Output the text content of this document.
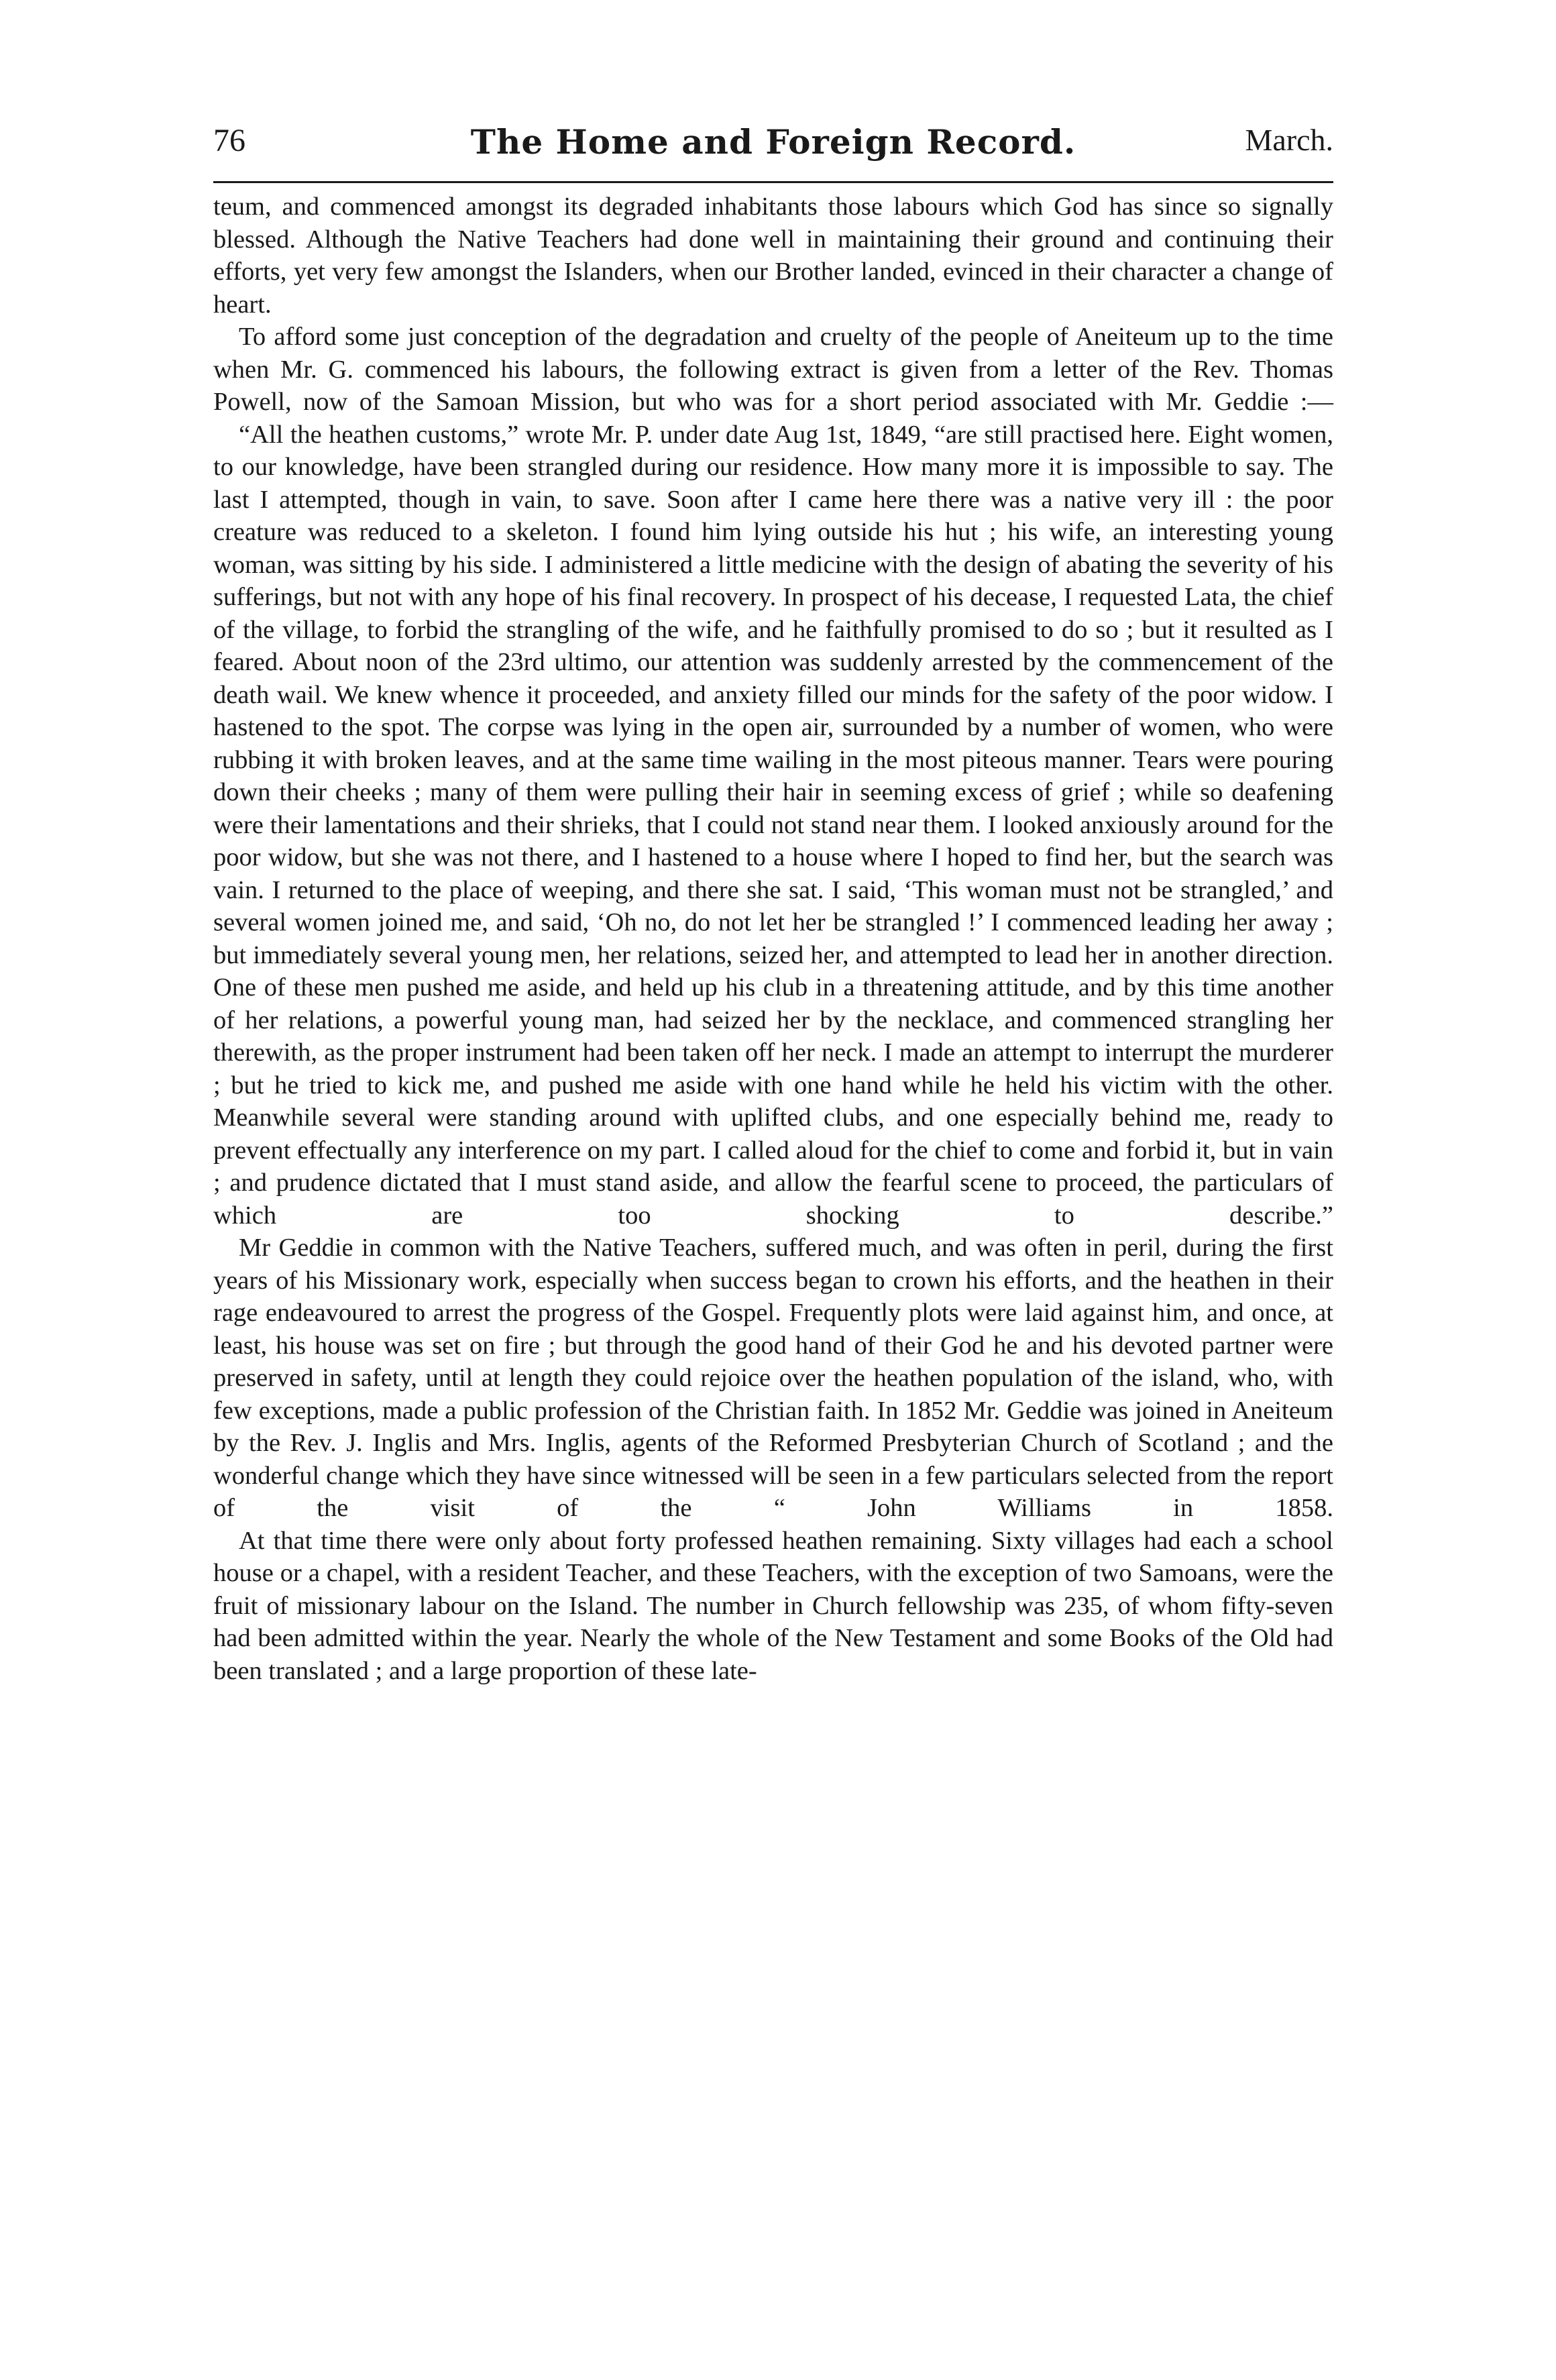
76	The Home and Foreign Record.	March.

teum, and commenced amongst its degraded inhabitants those labours which God has since so signally blessed. Although the Native Teachers had done well in maintaining their ground and continuing their efforts, yet very few amongst the Islanders, when our Brother landed, evinced in their character a change of heart.

To afford some just conception of the degradation and cruelty of the people of Aneiteum up to the time when Mr. G. commenced his labours, the following extract is given from a letter of the Rev. Thomas Powell, now of the Samoan Mission, but who was for a short period associated with Mr. Geddie :—

“All the heathen customs,” wrote Mr. P. under date Aug 1st, 1849, “are still practised here. Eight women, to our knowledge, have been strangled during our residence. How many more it is impossible to say. The last I attempted, though in vain, to save. Soon after I came here there was a native very ill : the poor creature was reduced to a skeleton. I found him lying outside his hut ; his wife, an interesting young woman, was sitting by his side. I administered a little medicine with the design of abating the severity of his sufferings, but not with any hope of his final recovery. In prospect of his decease, I requested Lata, the chief of the village, to forbid the strangling of the wife, and he faithfully promised to do so ; but it resulted as I feared. About noon of the 23rd ultimo, our attention was suddenly arrested by the commencement of the death wail. We knew whence it proceeded, and anxiety filled our minds for the safety of the poor widow. I hastened to the spot. The corpse was lying in the open air, surrounded by a number of women, who were rubbing it with broken leaves, and at the same time wailing in the most piteous manner. Tears were pouring down their cheeks ; many of them were pulling their hair in seeming excess of grief ; while so deafening were their lamentations and their shrieks, that I could not stand near them. I looked anxiously around for the poor widow, but she was not there, and I hastened to a house where I hoped to find her, but the search was vain. I returned to the place of weeping, and there she sat. I said, ‘This woman must not be strangled,’ and several women joined me, and said, ‘Oh no, do not let her be strangled !’ I commenced leading her away ; but immediately several young men, her relations, seized her, and attempted to lead her in another direction. One of these men pushed me aside, and held up his club in a threatening attitude, and by this time another of her relations, a powerful young man, had seized her by the necklace, and commenced strangling her therewith, as the proper instrument had been taken off her neck. I made an attempt to interrupt the murderer ; but he tried to kick me, and pushed me aside with one hand while he held his victim with the other. Meanwhile several were standing around with uplifted clubs, and one especially behind me, ready to prevent effectually any interference on my part. I called aloud for the chief to come and forbid it, but in vain ; and prudence dictated that I must stand aside, and allow the fearful scene to proceed, the particulars of which are too shocking to describe.”

Mr Geddie in common with the Native Teachers, suffered much, and was often in peril, during the first years of his Missionary work, especially when success began to crown his efforts, and the heathen in their rage endeavoured to arrest the progress of the Gospel. Frequently plots were laid against him, and once, at least, his house was set on fire ; but through the good hand of their God he and his devoted partner were preserved in safety, until at length they could rejoice over the heathen population of the island, who, with few exceptions, made a public profession of the Christian faith. In 1852 Mr. Geddie was joined in Aneiteum by the Rev. J. Inglis and Mrs. Inglis, agents of the Reformed Presbyterian Church of Scotland ; and the wonderful change which they have since witnessed will be seen in a few particulars selected from the report of the visit of the “ John Williams in 1858.

At that time there were only about forty professed heathen remaining. Sixty villages had each a school house or a chapel, with a resident Teacher, and these Teachers, with the exception of two Samoans, were the fruit of missionary labour on the Island. The number in Church fellowship was 235, of whom fifty-seven had been admitted within the year. Nearly the whole of the New Testament and some Books of the Old had been translated ; and a large proportion of these late-
